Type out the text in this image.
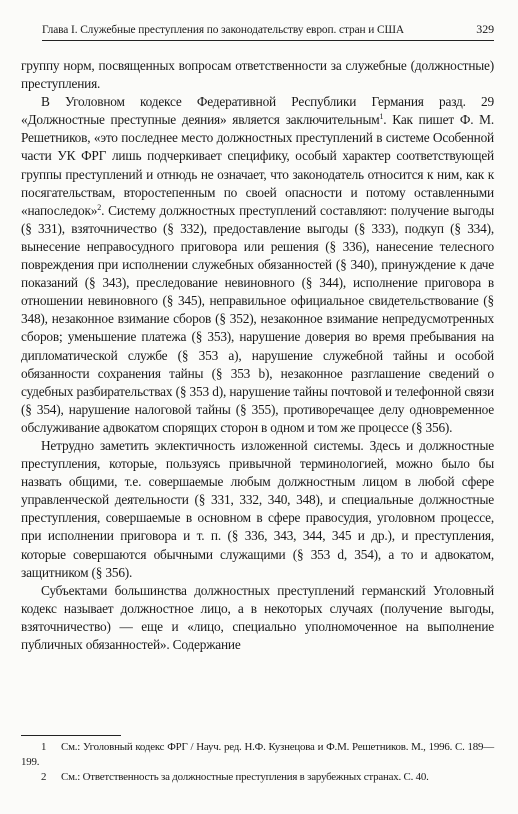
Глава I. Служебные преступления по законодательству европ. стран и США	329

группу норм, посвященных вопросам ответственности за служебные (должностные) преступления.

В Уголовном кодексе Федеративной Республики Германия разд. 29 «Должностные преступные деяния» является заключительным$^1$. Как пишет Ф. М. Решетников, «это последнее место должностных преступлений в системе Особенной части УК ФРГ лишь подчеркивает специфику, особый характер соответствующей группы преступлений и отнюдь не означает, что законодатель относится к ним, как к посягательствам, второстепенным по своей опасности и потому оставленными «напоследок»$^2$. Систему должностных преступлений составляют: получение выгоды (§ 331), взяточничество (§ 332), предоставление выгоды (§ 333), подкуп (§ 334), вынесение неправосудного приговора или решения (§ 336), нанесение телесного повреждения при исполнении служебных обязанностей (§ 340), принуждение к даче показаний (§ 343), преследование невиновного (§ 344), исполнение приговора в отношении невиновного (§ 345), неправильное официальное свидетельствование (§ 348), незаконное взимание сборов (§ 352), незаконное взимание непредусмотренных сборов; уменьшение платежа (§ 353), нарушение доверия во время пребывания на дипломатической службе (§ 353 a), нарушение служебной тайны и особой обязанности сохранения тайны (§ 353 b), незаконное разглашение сведений о судебных разбирательствах (§ 353 d), нарушение тайны почтовой и телефонной связи (§ 354), нарушение налоговой тайны (§ 355), противоречащее делу одновременное обслуживание адвокатом спорящих сторон в одном и том же процессе (§ 356).

Нетрудно заметить эклектичность изложенной системы. Здесь и должностные преступления, которые, пользуясь привычной терминологией, можно было бы назвать общими, т.е. совершаемые любым должностным лицом в любой сфере управленческой деятельности (§ 331, 332, 340, 348), и специальные должностные преступления, совершаемые в основном в сфере правосудия, уголовном процессе, при исполнении приговора и т. п. (§ 336, 343, 344, 345 и др.), и преступления, которые совершаются обычными служащими (§ 353 d, 354), а то и адвокатом, защитником (§ 356).

Субъектами большинства должностных преступлений германский Уголовный кодекс называет должностное лицо, а в некоторых случаях (получение выгоды, взяточничество) — еще и «лицо, специально уполномоченное на выполнение публичных обязанностей». Содержание

1 См.: Уголовный кодекс ФРГ / Науч. ред. Н.Ф. Кузнецова и Ф.М. Решетников. М., 1996. С. 189—199.

2 См.: Ответственность за должностные преступления в зарубежных странах. С. 40.
